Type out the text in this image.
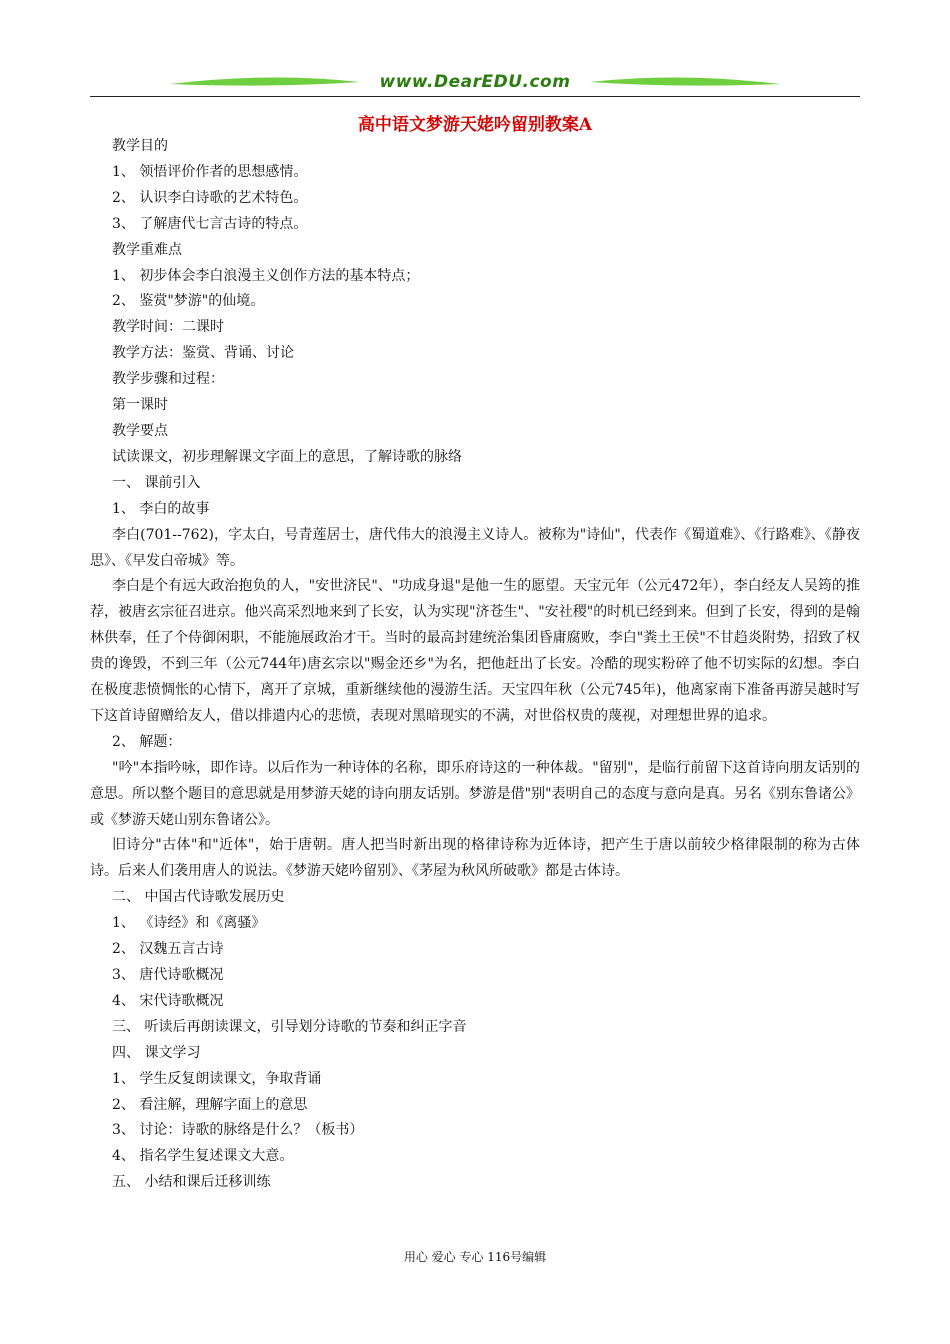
www.DearEDU.com
高中语文梦游天姥吟留别教案A
教学目的
1、 领悟评价作者的思想感情。
2、 认识李白诗歌的艺术特色。
3、 了解唐代七言古诗的特点。
教学重难点
1、 初步体会李白浪漫主义创作方法的基本特点；
2、 鉴赏"梦游"的仙境。
教学时间：二课时
教学方法：鉴赏、背诵、讨论
教学步骤和过程：
第一课时
教学要点
试读课文，初步理解课文字面上的意思，了解诗歌的脉络
一、 课前引入
1、 李白的故事

李白(701--762)，字太白，号青莲居士，唐代伟大的浪漫主义诗人。被称为"诗仙"，代表作《蜀道难》、《行路难》、《静夜思》、《早发白帝城》等。

李白是个有远大政治抱负的人，"安世济民"、"功成身退"是他一生的愿望。天宝元年（公元472年），李白经友人吴筠的推荐，被唐玄宗征召进京。他兴高采烈地来到了长安，认为实现"济苍生"、"安社稷"的时机已经到来。但到了长安，得到的是翰林供奉，任了个侍御闲职，不能施展政治才干。当时的最高封建统治集团昏庸腐败，李白"粪土王侯"不甘趋炎附势，招致了权贵的谗毁，不到三年（公元744年)唐玄宗以"赐金还乡"为名，把他赶出了长安。冷酷的现实粉碎了他不切实际的幻想。李白在极度悲愤惆怅的心情下，离开了京城，重新继续他的漫游生活。天宝四年秋（公元745年)，他离家南下准备再游吴越时写下这首诗留赠给友人，借以排遣内心的悲愤，表现对黑暗现实的不满，对世俗权贵的蔑视，对理想世界的追求。

2、 解题：

"吟"本指吟咏，即作诗。以后作为一种诗体的名称，即乐府诗这的一种体裁。"留别"，是临行前留下这首诗向朋友话别的意思。所以整个题目的意思就是用梦游天姥的诗向朋友话别。梦游是借"别"表明自己的态度与意向是真。另名《别东鲁诸公》或《梦游天姥山别东鲁诸公》。

旧诗分"古体"和"近体"，始于唐朝。唐人把当时新出现的格律诗称为近体诗，把产生于唐以前较少格律限制的称为古体诗。后来人们袭用唐人的说法。《梦游天姥吟留别》、《茅屋为秋风所破歌》都是古体诗。

二、 中国古代诗歌发展历史
1、 《诗经》和《离骚》
2、 汉魏五言古诗
3、 唐代诗歌概况
4、 宋代诗歌概况
三、 听读后再朗读课文，引导划分诗歌的节奏和纠正字音
四、 课文学习
1、 学生反复朗读课文，争取背诵
2、 看注解，理解字面上的意思
3、 讨论：诗歌的脉络是什么？（板书）
4、 指名学生复述课文大意。
五、 小结和课后迁移训练
用心 爱心 专心 116号编辑
